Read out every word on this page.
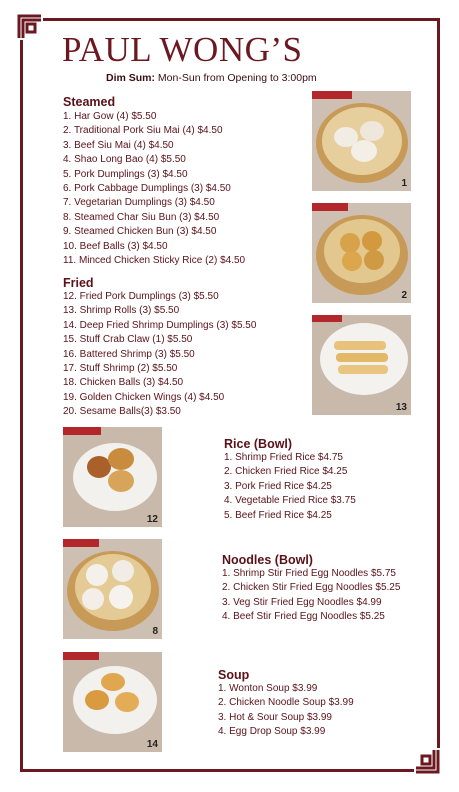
PAUL WONG’S
Dim Sum: Mon-Sun from Opening to 3:00pm
Steamed
1. Har Gow (4) $5.50
2. Traditional Pork Siu Mai (4) $4.50
3. Beef Siu Mai (4) $4.50
4. Shao Long Bao (4) $5.50
5. Pork Dumplings (3) $4.50
6. Pork Cabbage Dumplings (3) $4.50
7. Vegetarian Dumplings (3) $4.50
8. Steamed Char Siu Bun (3) $4.50
9. Steamed Chicken Bun (3) $4.50
10. Beef Balls (3) $4.50
11. Minced Chicken Sticky Rice (2) $4.50
Fried
12. Fried Pork Dumplings (3) $5.50
13. Shrimp Rolls (3) $5.50
14. Deep Fried Shrimp Dumplings (3) $5.50
15. Stuff Crab Claw (1) $5.50
16. Battered Shrimp (3) $5.50
17. Stuff Shrimp (2) $5.50
18. Chicken Balls (3) $4.50
19. Golden Chicken Wings (4) $4.50
20. Sesame Balls(3) $3.50
Rice (Bowl)
1. Shrimp Fried Rice $4.75
2. Chicken Fried Rice $4.25
3. Pork Fried Rice $4.25
4. Vegetable Fried Rice $3.75
5. Beef Fried Rice $4.25
Noodles (Bowl)
1. Shrimp Stir Fried Egg Noodles $5.75
2. Chicken Stir Fried Egg Noodles $5.25
3. Veg Stir Fried Egg Noodles $4.99
4. Beef Stir Fried Egg Noodles $5.25
Soup
1. Wonton Soup $3.99
2. Chicken Noodle Soup $3.99
3. Hot & Sour Soup $3.99
4. Egg Drop Soup $3.99
1
2
13
12
8
14
